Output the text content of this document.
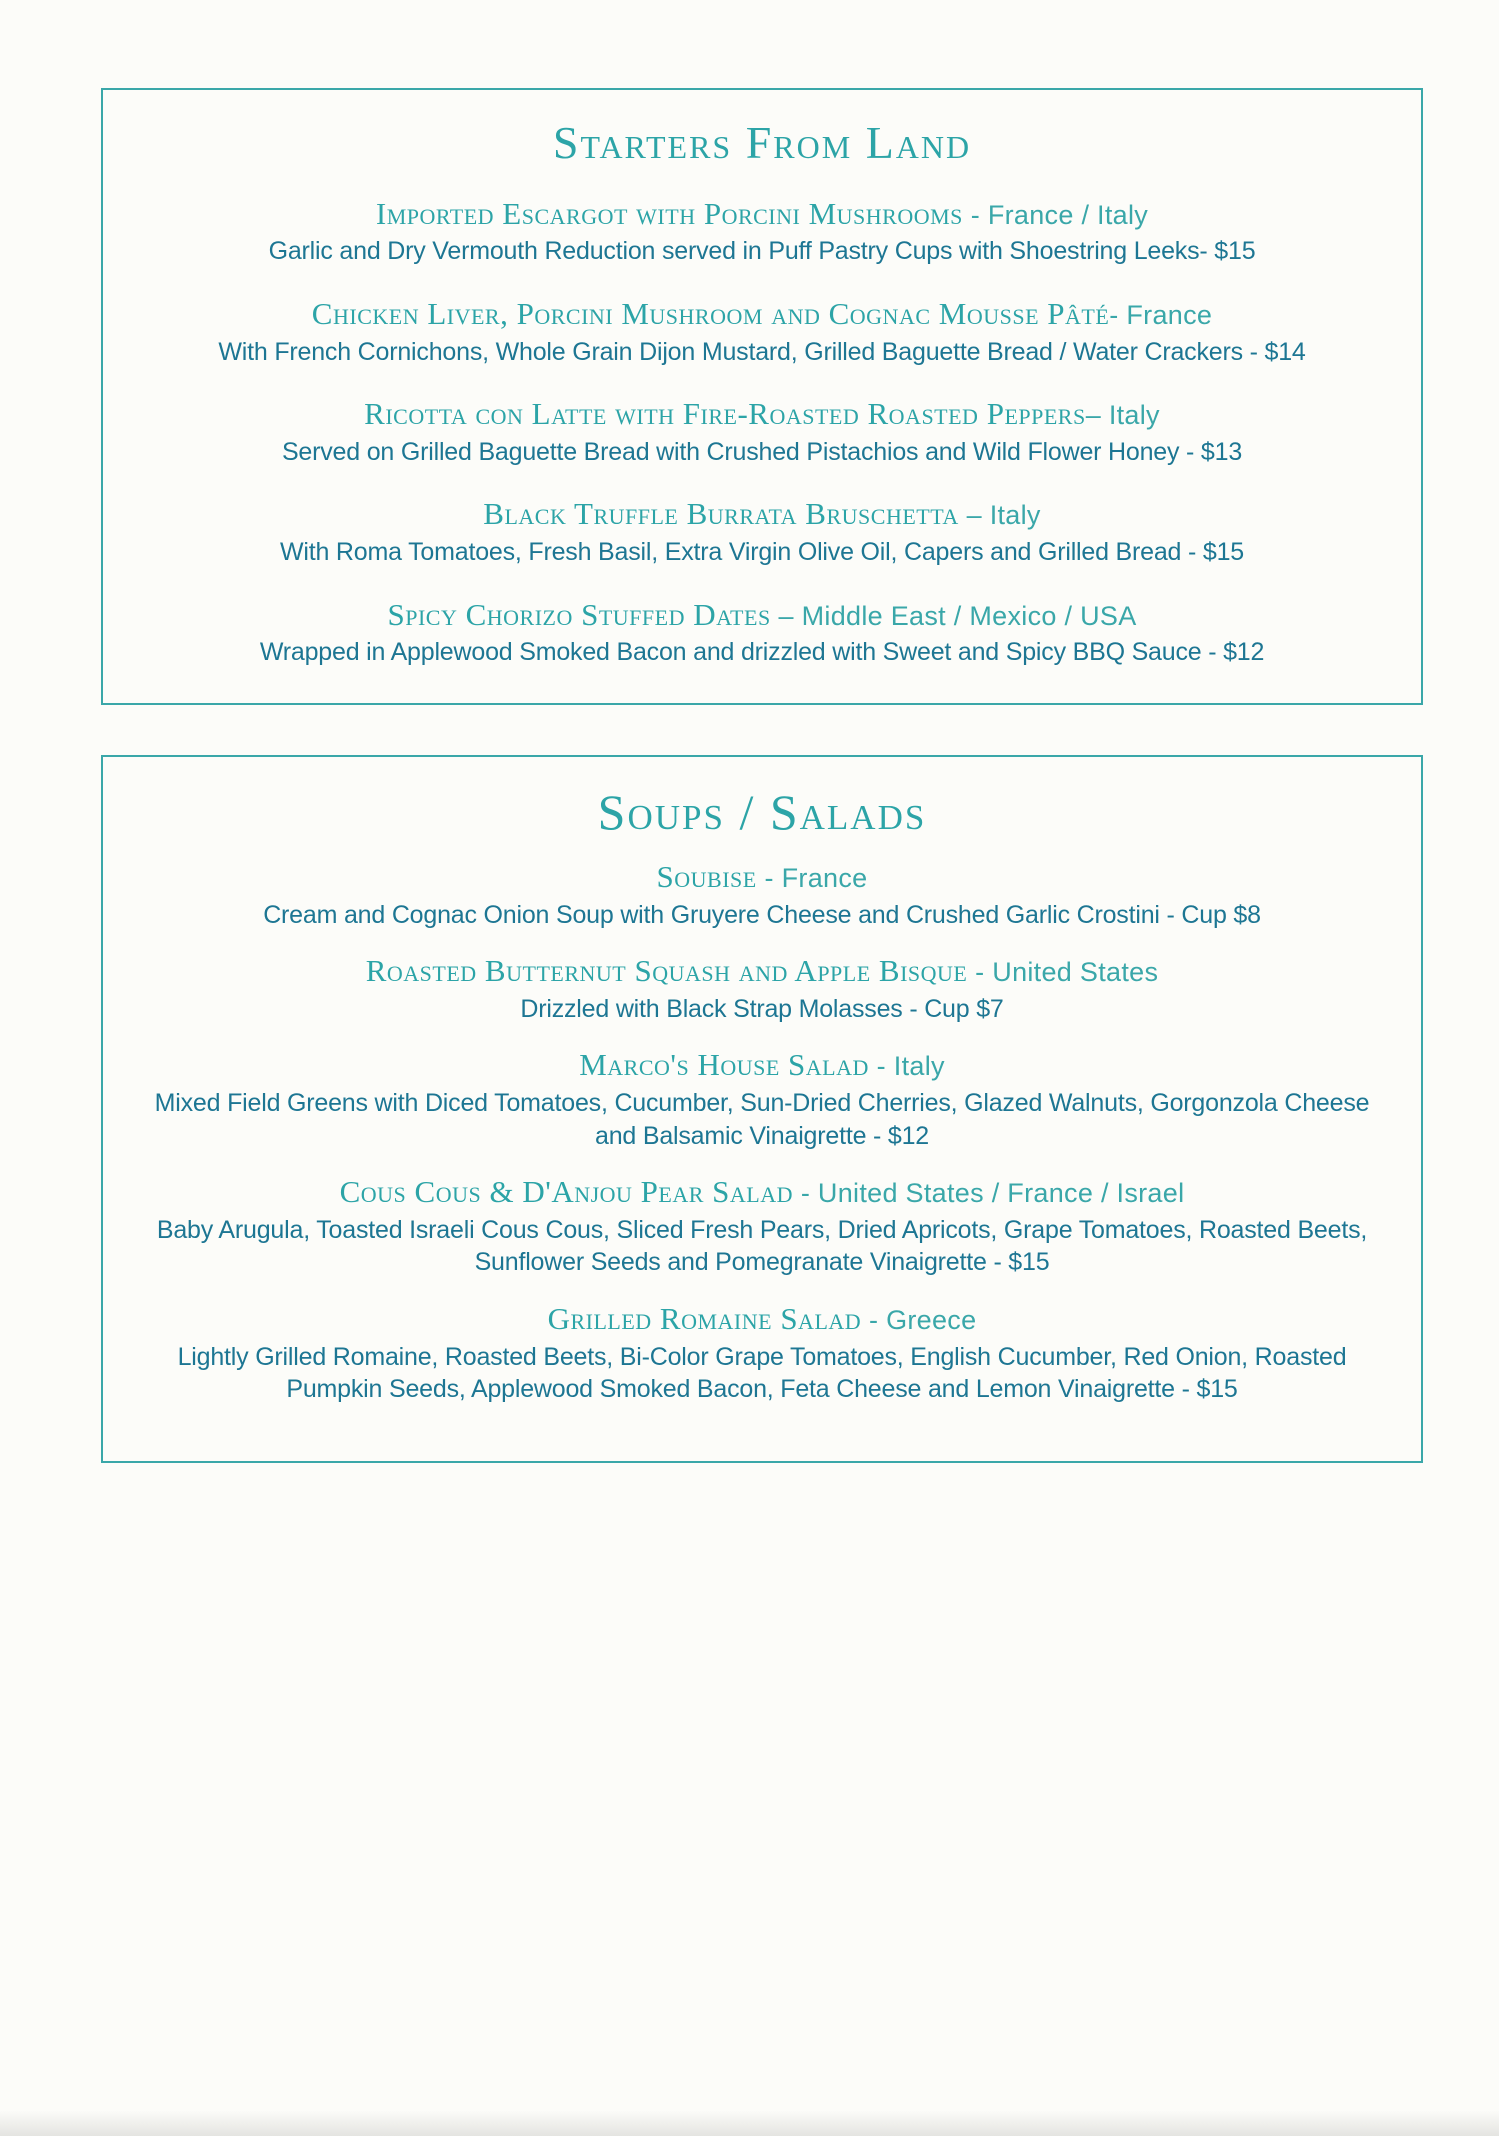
Starters From Land
Imported Escargot with Porcini Mushrooms - France / Italy
Garlic and Dry Vermouth Reduction served in Puff Pastry Cups with Shoestring Leeks- $15
Chicken Liver, Porcini Mushroom and Cognac Mousse Pâté- France
With French Cornichons, Whole Grain Dijon Mustard, Grilled Baguette Bread / Water Crackers - $14
Ricotta con Latte with Fire-Roasted Roasted Peppers– Italy
Served on Grilled Baguette Bread with Crushed Pistachios and Wild Flower Honey - $13
Black Truffle Burrata Bruschetta – Italy
With Roma Tomatoes, Fresh Basil, Extra Virgin Olive Oil, Capers and Grilled Bread - $15
Spicy Chorizo Stuffed Dates – Middle East / Mexico / USA
Wrapped in Applewood Smoked Bacon and drizzled with Sweet and Spicy BBQ Sauce - $12
Soups / Salads
Soubise - France
Cream and Cognac Onion Soup with Gruyere Cheese and Crushed Garlic Crostini - Cup $8
Roasted Butternut Squash and Apple Bisque - United States
Drizzled with Black Strap Molasses - Cup $7
Marco's House Salad - Italy
Mixed Field Greens with Diced Tomatoes, Cucumber, Sun-Dried Cherries, Glazed Walnuts, Gorgonzola Cheese and Balsamic Vinaigrette - $12
Cous Cous & D'Anjou Pear Salad - United States / France / Israel
Baby Arugula, Toasted Israeli Cous Cous, Sliced Fresh Pears, Dried Apricots, Grape Tomatoes, Roasted Beets, Sunflower Seeds and Pomegranate Vinaigrette - $15
Grilled Romaine Salad - Greece
Lightly Grilled Romaine, Roasted Beets, Bi-Color Grape Tomatoes, English Cucumber, Red Onion, Roasted Pumpkin Seeds, Applewood Smoked Bacon, Feta Cheese and Lemon Vinaigrette - $15
